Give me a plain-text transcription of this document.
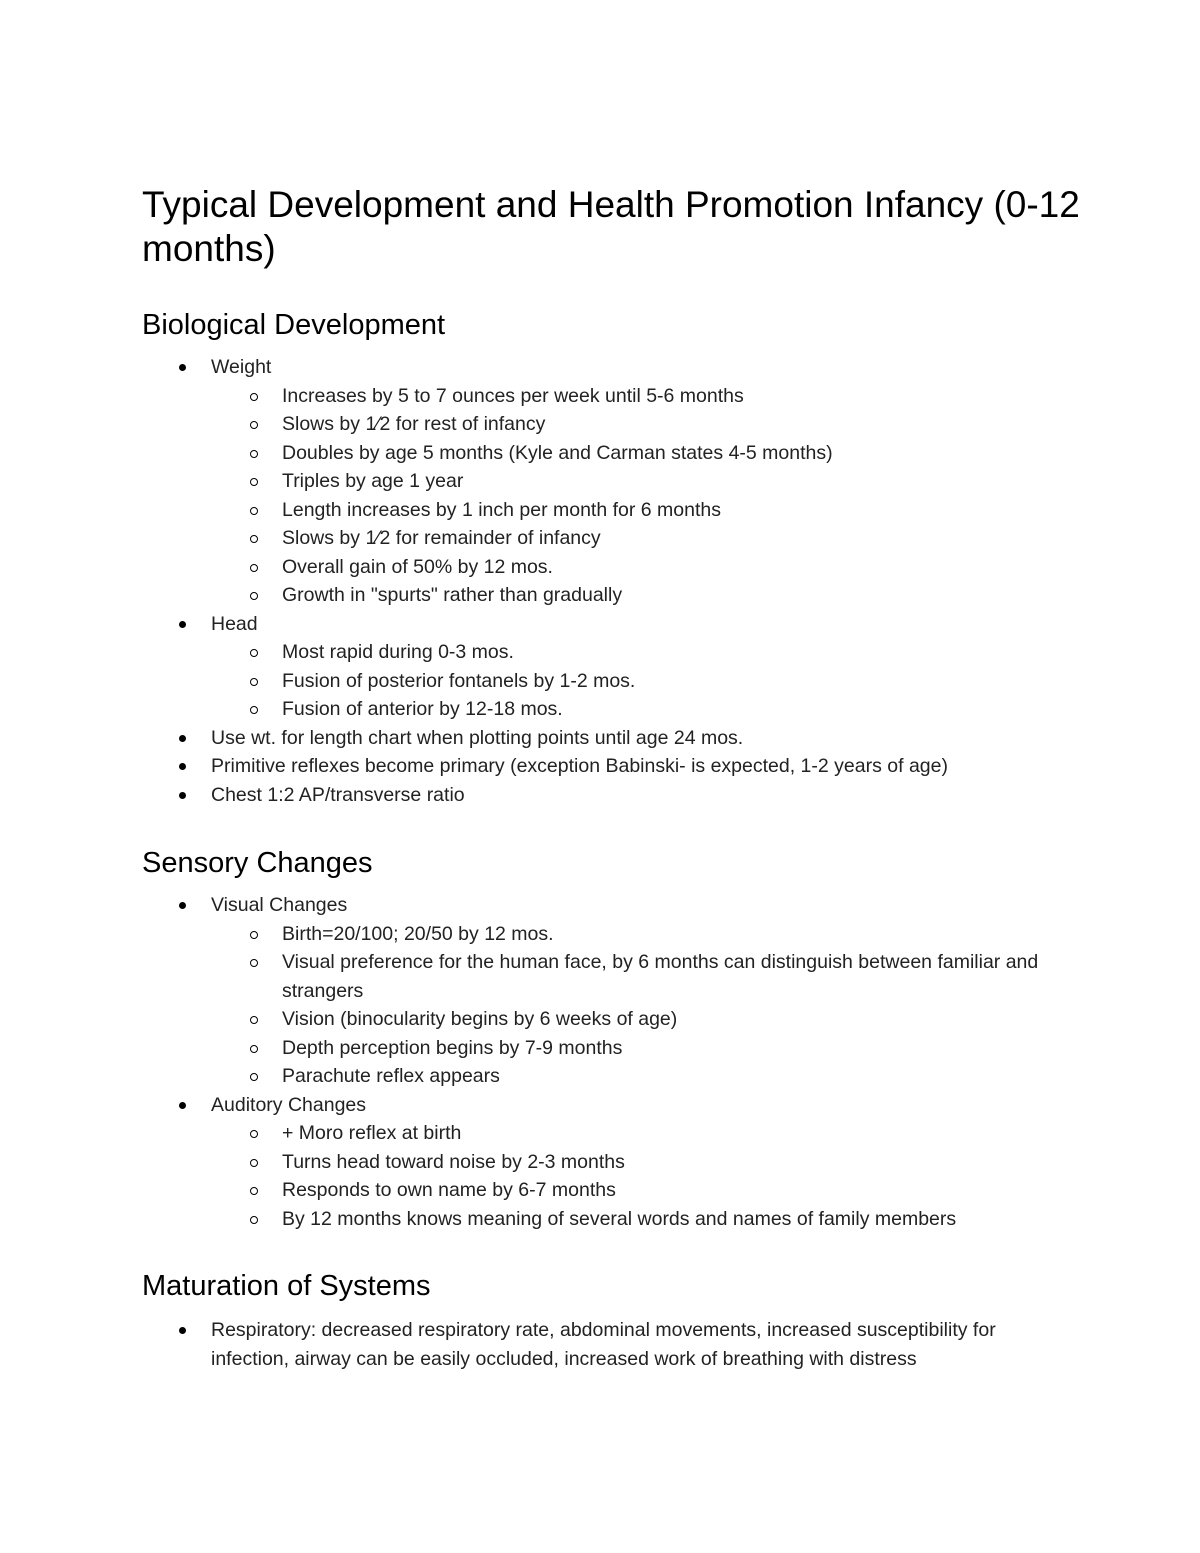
Typical Development and Health Promotion Infancy (0-12 months)
Biological Development
Weight
Increases by 5 to 7 ounces per week until 5-6 months
Slows by 1⁄2 for rest of infancy
Doubles by age 5 months (Kyle and Carman states 4-5 months)
Triples by age 1 year
Length increases by 1 inch per month for 6 months
Slows by 1⁄2 for remainder of infancy
Overall gain of 50% by 12 mos.
Growth in "spurts" rather than gradually
Head
Most rapid during 0-3 mos.
Fusion of posterior fontanels by 1-2 mos.
Fusion of anterior by 12-18 mos.
Use wt. for length chart when plotting points until age 24 mos.
Primitive reflexes become primary (exception Babinski- is expected, 1-2 years of age)
Chest 1:2 AP/transverse ratio
Sensory Changes
Visual Changes
Birth=20/100; 20/50 by 12 mos.
Visual preference for the human face, by 6 months can distinguish between familiar and strangers
Vision (binocularity begins by 6 weeks of age)
Depth perception begins by 7-9 months
Parachute reflex appears
Auditory Changes
+ Moro reflex at birth
Turns head toward noise by 2-3 months
Responds to own name by 6-7 months
By 12 months knows meaning of several words and names of family members
Maturation of Systems
Respiratory: decreased respiratory rate, abdominal movements, increased susceptibility for infection, airway can be easily occluded, increased work of breathing with distress
